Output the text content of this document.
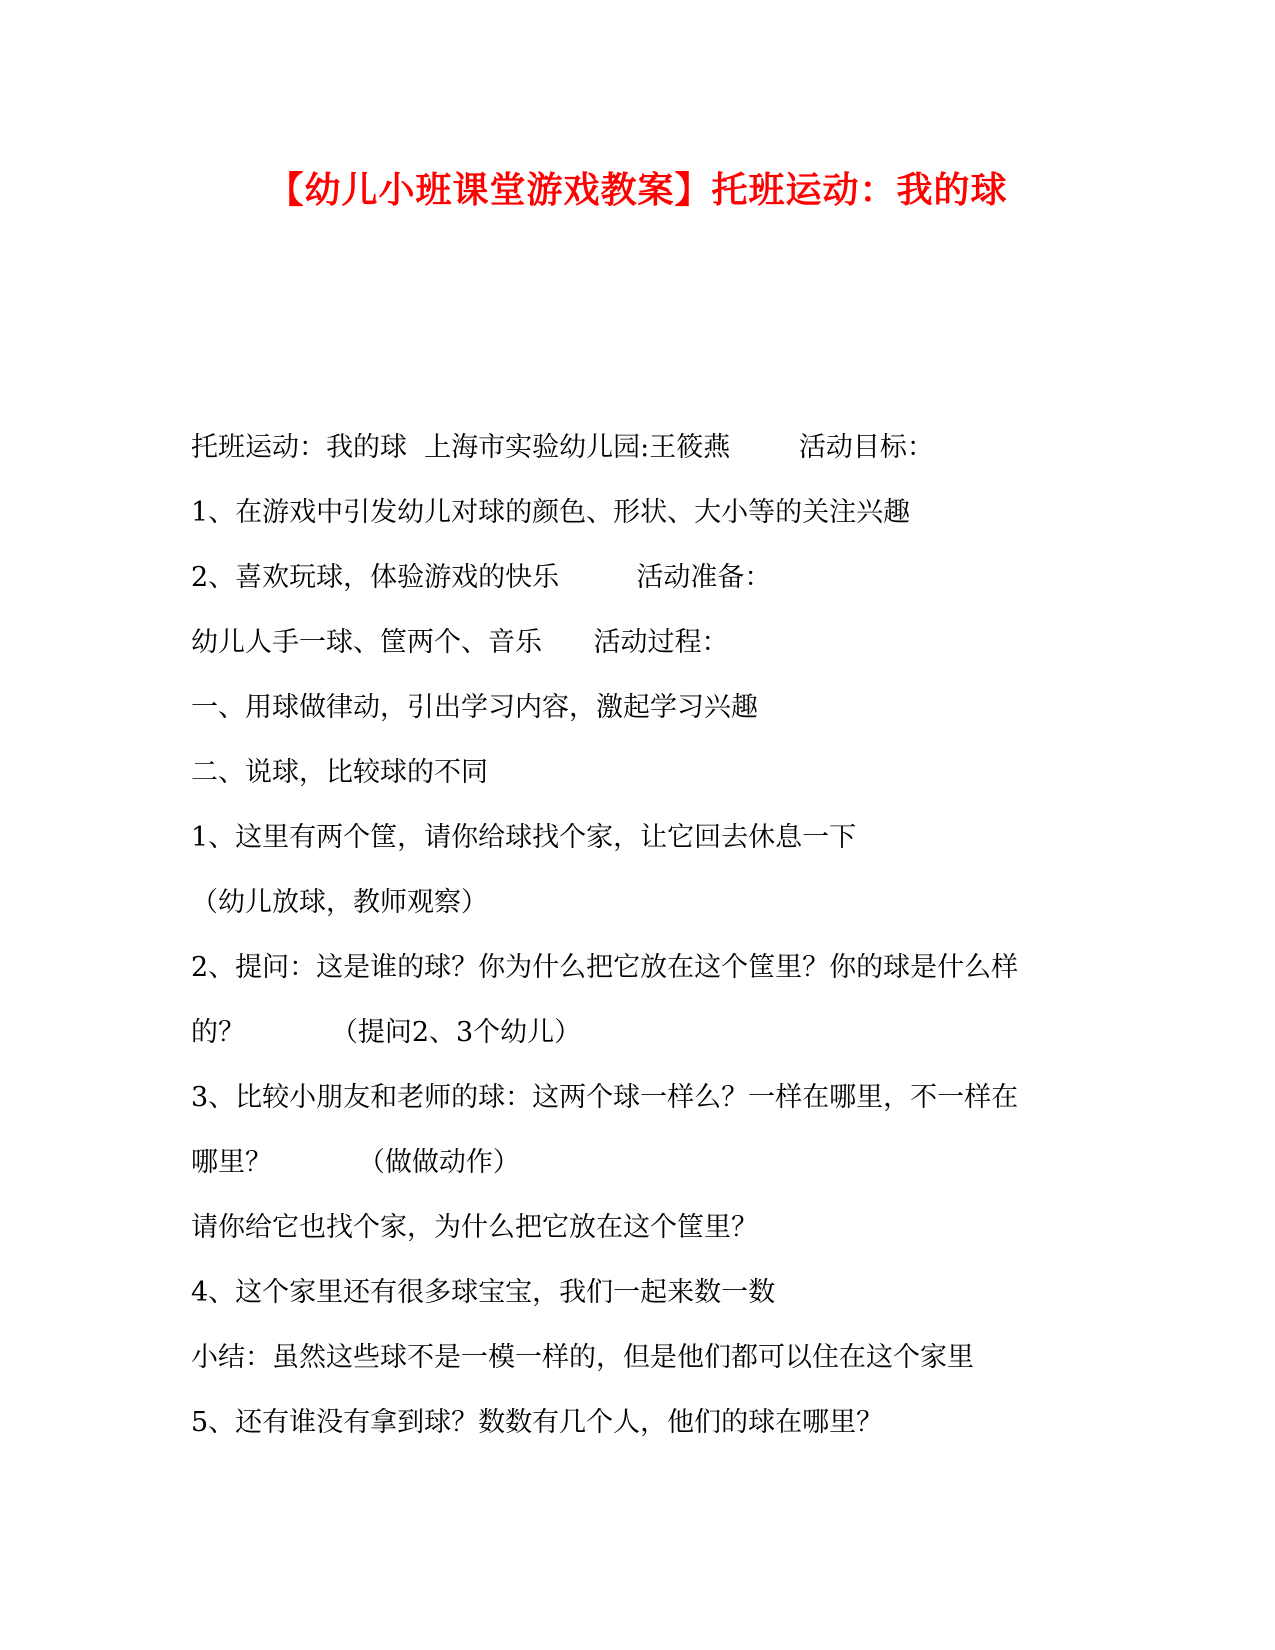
【幼儿小班课堂游戏教案】托班运动：我的球
托班运动：我的球  上海市实验幼儿园:王筱燕        活动目标：
1、在游戏中引发幼儿对球的颜色、形状、大小等的关注兴趣
2、喜欢玩球，体验游戏的快乐         活动准备：
幼儿人手一球、筐两个、音乐      活动过程：
一、用球做律动，引出学习内容，激起学习兴趣
二、说球，比较球的不同
1、这里有两个筐，请你给球找个家，让它回去休息一下
（幼儿放球，教师观察）
2、提问：这是谁的球？你为什么把它放在这个筐里？你的球是什么样
的？          （提问2、3个幼儿）
3、比较小朋友和老师的球：这两个球一样么？一样在哪里，不一样在
哪里？          （做做动作）
请你给它也找个家，为什么把它放在这个筐里？
4、这个家里还有很多球宝宝，我们一起来数一数
小结：虽然这些球不是一模一样的，但是他们都可以住在这个家里
5、还有谁没有拿到球？数数有几个人，他们的球在哪里？
